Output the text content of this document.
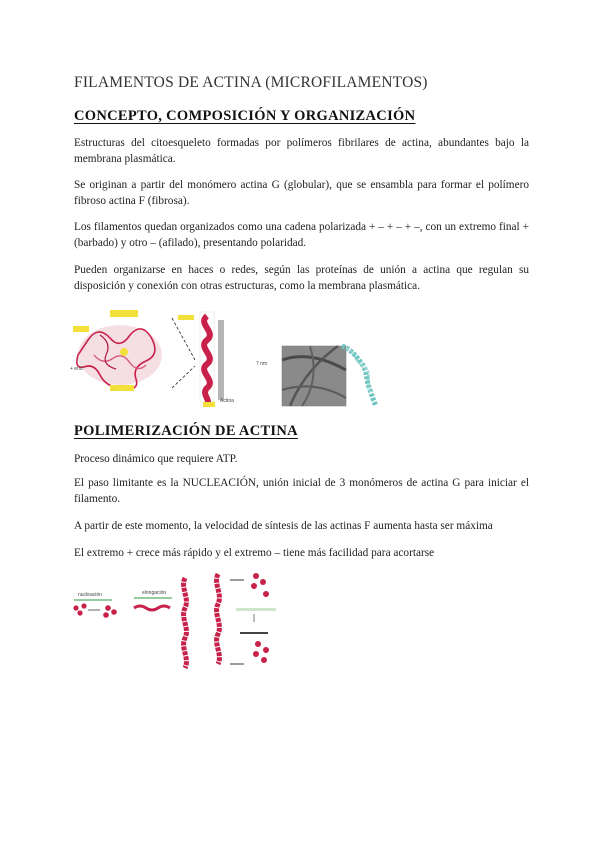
FILAMENTOS DE ACTINA (MICROFILAMENTOS)
CONCEPTO, COMPOSICIÓN Y ORGANIZACIÓN
Estructuras del citoesqueleto formadas por polímeros fibrilares de actina, abundantes bajo la membrana plasmática.
Se originan a partir del monómero actina G (globular), que se ensambla para formar el polímero fibroso actina F (fibrosa).
Los filamentos quedan organizados como una cadena polarizada + – + – + –, con un extremo final + (barbado) y otro – (afilado), presentando polaridad.
Pueden organizarse en haces o redes, según las proteínas de unión a actina que regulan su disposición y conexión con otras estructuras, como la membrana plasmática.
+ end
Actina
7 nm
POLIMERIZACIÓN DE ACTINA
Proceso dinámico que requiere ATP.
El paso limitante es la NUCLEACIÓN, unión inicial de 3 monómeros de actina G para iniciar el filamento.
A partir de este momento, la velocidad de síntesis de las actinas F aumenta hasta ser máxima
El extremo + crece más rápido y el extremo – tiene más facilidad para acortarse
nucleación	elongación
